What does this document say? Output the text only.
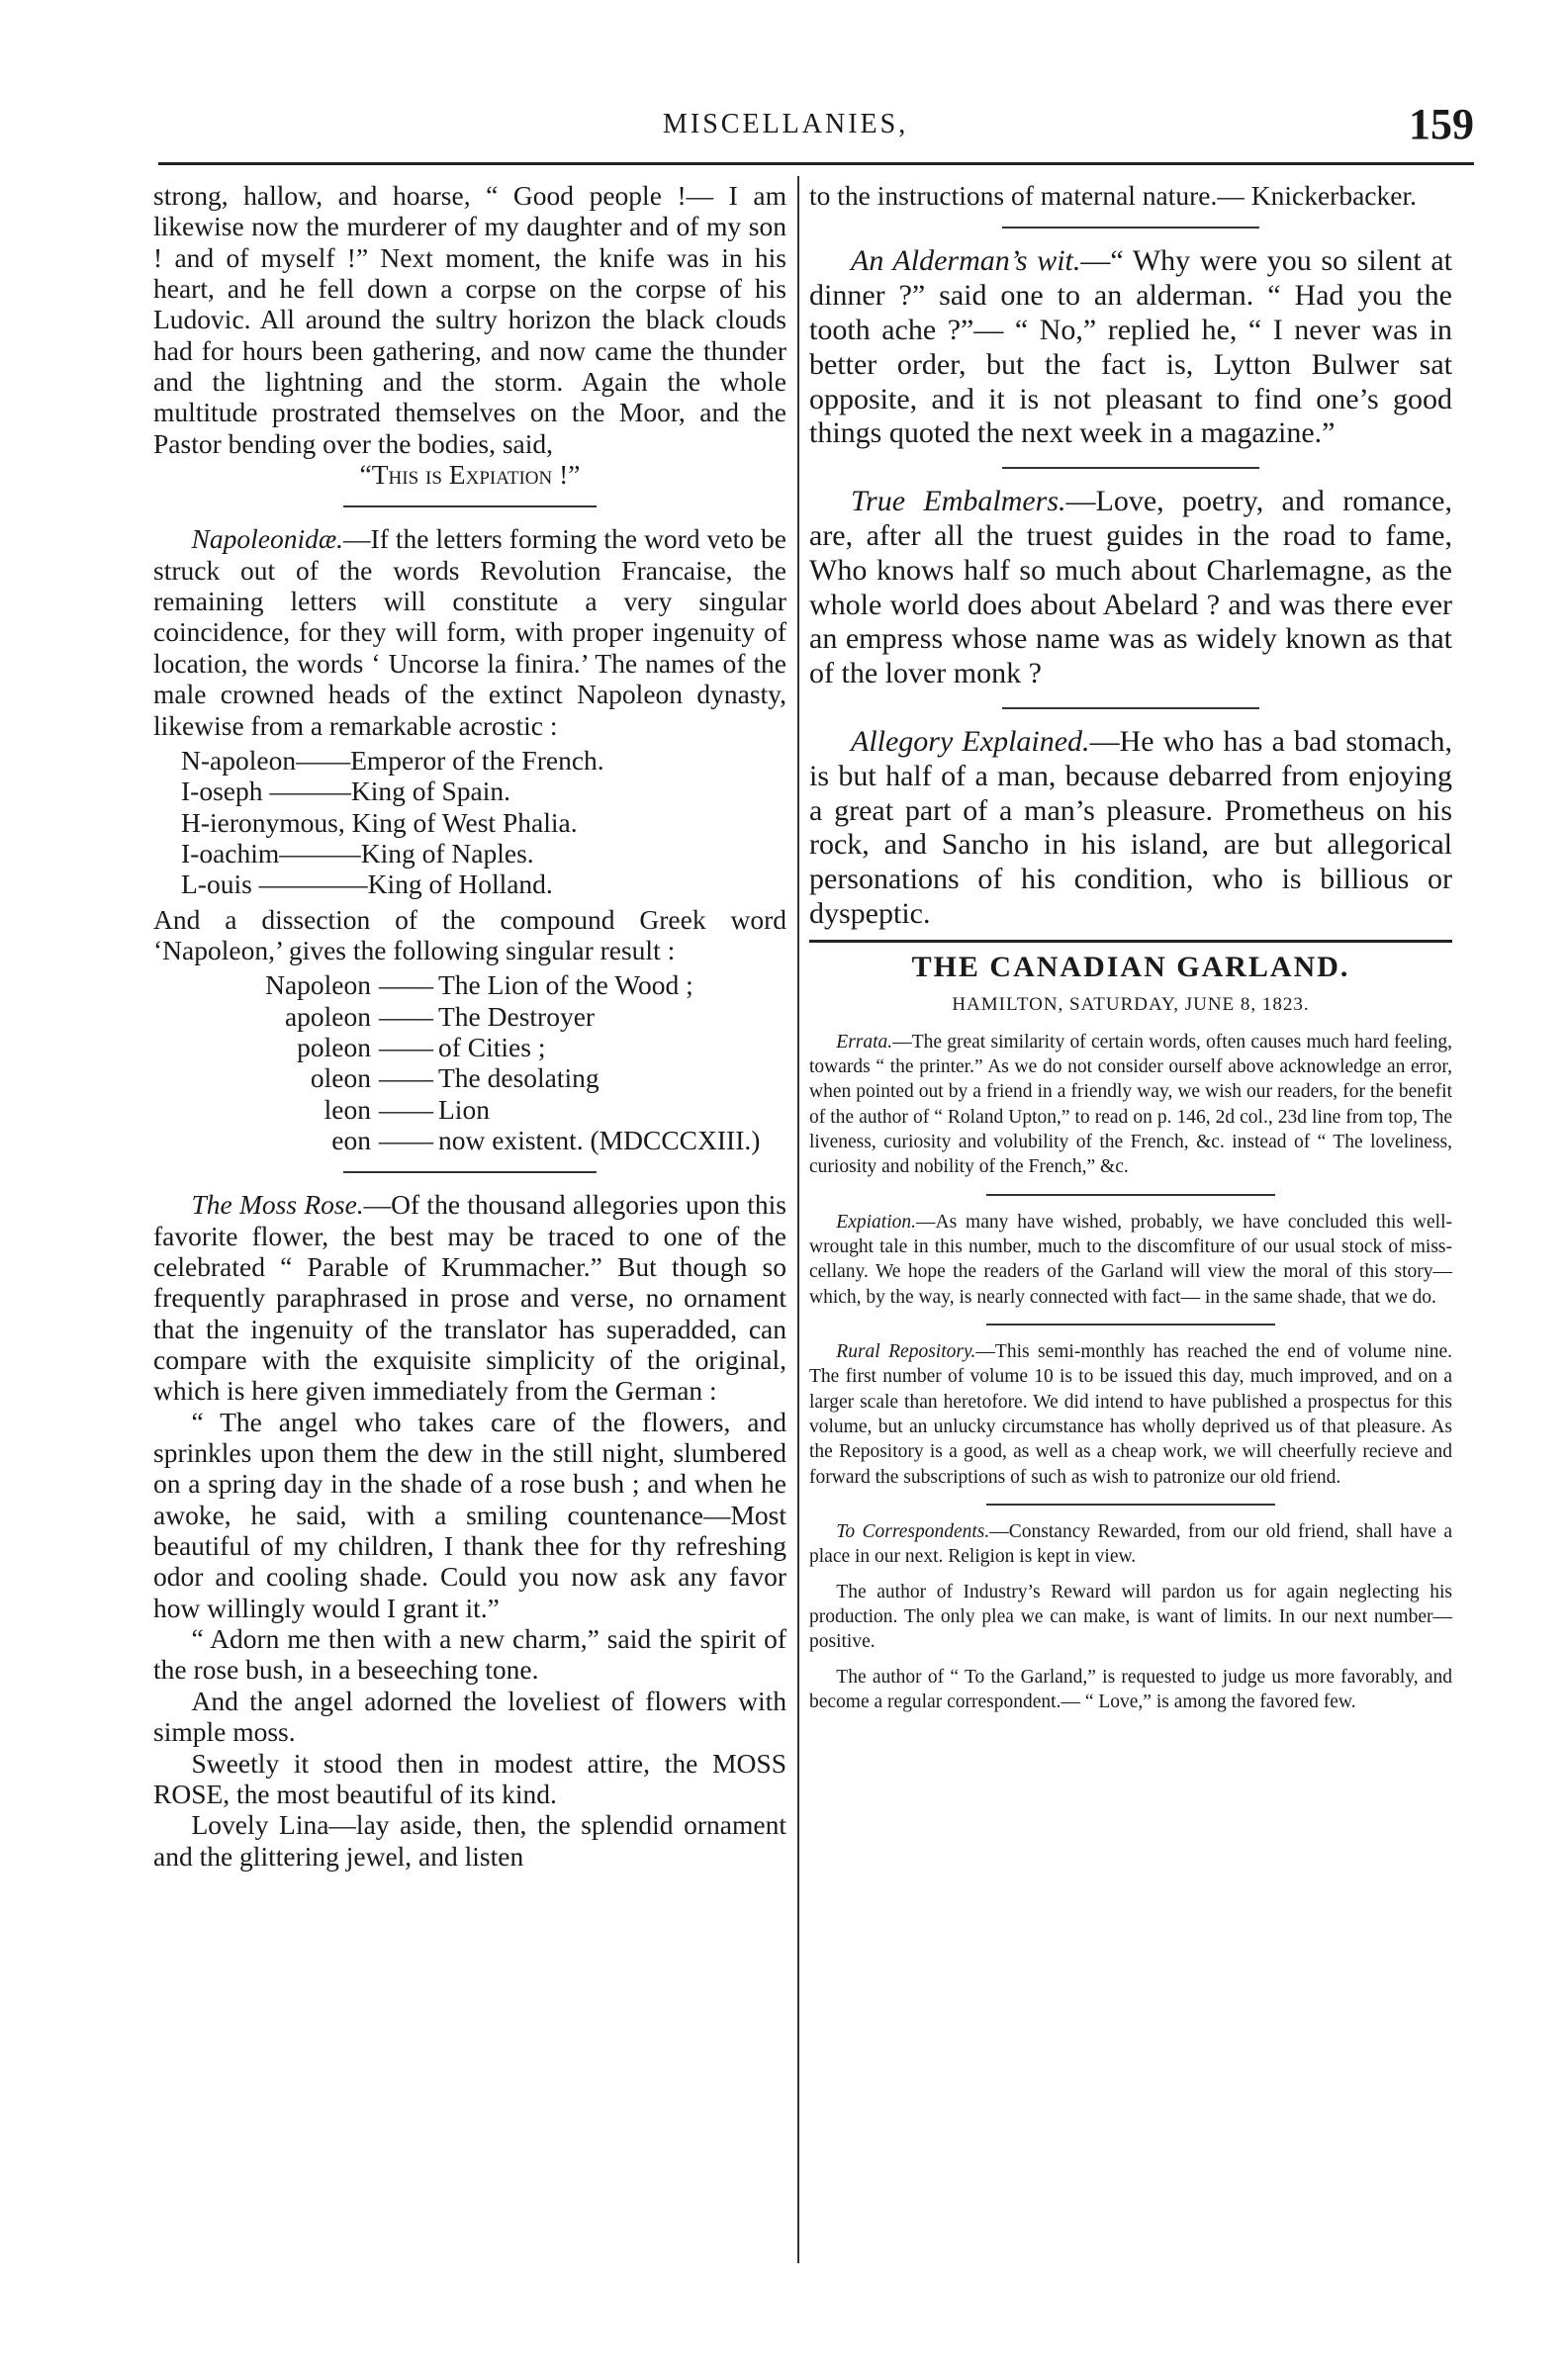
MISCELLANIES,	159

strong, hallow, and hoarse, “ Good people !— I am likewise now the murderer of my daughter and of my son ! and of myself !” Next moment, the knife was in his heart, and he fell down a corpse on the corpse of his Ludovic. All around the sultry horizon the black clouds had for hours been gathering, and now came the thunder and the lightning and the storm. Again the whole multitude prostrated themselves on the Moor, and the Pastor bending over the bodies, said,

“This is Expiation !”

Napoleonidæ.—If the letters forming the word veto be struck out of the words Revolution Francaise, the remaining letters will constitute a very singular coincidence, for they will form, with proper ingenuity of location, the words ‘ Uncorse la finira.’ The names of the male crowned heads of the extinct Napoleon dynasty, likewise from a remarkable acrostic :

N-apoleon——Emperor of the French.
I-oseph ———King of Spain.
H-ieronymous, King of West Phalia.
I-oachim———King of Naples.
L-ouis ————King of Holland.

And a dissection of the compound Greek word ‘Napoleon,’ gives the following singular result :

Napoleon —— The Lion of the Wood ;
apoleon —— The Destroyer
poleon —— of Cities ;
oleon —— The desolating
leon —— Lion
eon —— now existent. (MDCCCXIII.)

The Moss Rose.—Of the thousand allegories upon this favorite flower, the best may be traced to one of the celebrated “ Parable of Krummacher.” But though so frequently paraphrased in prose and verse, no ornament that the ingenuity of the translator has superadded, can compare with the exquisite simplicity of the original, which is here given immediately from the German :

“ The angel who takes care of the flowers, and sprinkles upon them the dew in the still night, slumbered on a spring day in the shade of a rose bush ; and when he awoke, he said, with a smiling countenance—Most beautiful of my children, I thank thee for thy refreshing odor and cooling shade. Could you now ask any favor how willingly would I grant it.”

“ Adorn me then with a new charm,” said the spirit of the rose bush, in a beseeching tone.

And the angel adorned the loveliest of flowers with simple moss.

Sweetly it stood then in modest attire, the MOSS ROSE, the most beautiful of its kind.

Lovely Lina—lay aside, then, the splendid ornament and the glittering jewel, and listen

to the instructions of maternal nature.— Knickerbacker.

An Alderman’s wit.—“ Why were you so silent at dinner ?” said one to an alderman. “ Had you the tooth ache ?”— “ No,” replied he, “ I never was in better order, but the fact is, Lytton Bulwer sat opposite, and it is not pleasant to find one’s good things quoted the next week in a magazine.”

True Embalmers.—Love, poetry, and romance, are, after all the truest guides in the road to fame, Who knows half so much about Charlemagne, as the whole world does about Abelard ? and was there ever an empress whose name was as widely known as that of the lover monk ?

Allegory Explained.—He who has a bad stomach, is but half of a man, because debarred from enjoying a great part of a man’s pleasure. Prometheus on his rock, and Sancho in his island, are but allegorical personations of his condition, who is billious or dyspeptic.

THE CANADIAN GARLAND.
HAMILTON, SATURDAY, JUNE 8, 1823.

Errata.—The great similarity of certain words, often causes much hard feeling, towards “ the printer.” As we do not consider ourself above acknowledge an error, when pointed out by a friend in a friendly way, we wish our readers, for the benefit of the author of “ Roland Upton,” to read on p. 146, 2d col., 23d line from top, The liveness, curiosity and volubility of the French, &c. instead of “ The loveliness, curiosity and nobility of the French,” &c.

Expiation.—As many have wished, probably, we have concluded this well-wrought tale in this number, much to the discomfiture of our usual stock of miss-cellany. We hope the readers of the Garland will view the moral of this story—which, by the way, is nearly connected with fact— in the same shade, that we do.

Rural Repository.—This semi-monthly has reached the end of volume nine. The first number of volume 10 is to be issued this day, much improved, and on a larger scale than heretofore. We did intend to have published a prospectus for this volume, but an unlucky circumstance has wholly deprived us of that pleasure. As the Repository is a good, as well as a cheap work, we will cheerfully recieve and forward the subscriptions of such as wish to patronize our old friend.

To Correspondents.—Constancy Rewarded, from our old friend, shall have a place in our next. Religion is kept in view.

The author of Industry’s Reward will pardon us for again neglecting his production. The only plea we can make, is want of limits. In our next number—positive.

The author of “ To the Garland,” is requested to judge us more favorably, and become a regular correspondent.— “ Love,” is among the favored few.
